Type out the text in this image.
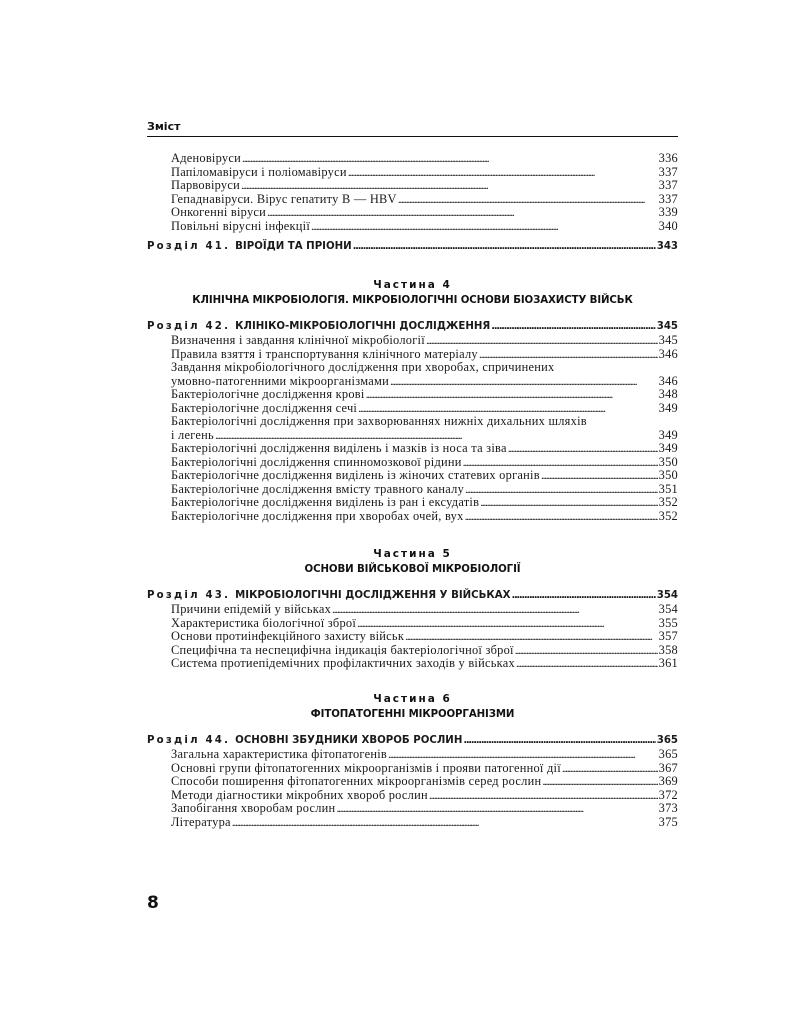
Зміст
Аденовіруси . . .	336
Папіломавіруси і поліомавіруси . . .	337
Парвовіруси . . .	337
Гепаднавіруси. Вірус гепатиту B — HBV . . .	337
Онкогенні віруси . . .	339
Повільні вірусні інфекції . . .	340
Розділ 41. ВІРОЇДИ ТА ПРІОНИ . . .	343
Частина 4
КЛІНІЧНА МІКРОБІОЛОГІЯ. МІКРОБІОЛОГІЧНІ ОСНОВИ БІОЗАХИСТУ ВІЙСЬК
Розділ 42. КЛІНІКО-МІКРОБІОЛОГІЧНІ ДОСЛІДЖЕННЯ . . .	345
Визначення і завдання клінічної мікробіології . . .	345
Правила взяття і транспортування клінічного матеріалу . . .	346
Завдання мікробіологічного дослідження при хворобах, спричинених
умовно-патогенними мікроорганізмами . . .	346
Бактеріологічне дослідження крові . . .	348
Бактеріологічне дослідження сечі . . .	349
Бактеріологічні дослідження при захворюваннях нижніх дихальних шляхів
і легень . . .	349
Бактеріологічні дослідження виділень і мазків із носа та зіва . . .	349
Бактеріологічні дослідження спинномозкової рідини . . .	350
Бактеріологічне дослідження виділень із жіночих статевих органів . . .	350
Бактеріологічне дослідження вмісту травного каналу . . .	351
Бактеріологічне дослідження виділень із ран і ексудатів . . .	352
Бактеріологічне дослідження при хворобах очей, вух . . .	352
Частина 5
ОСНОВИ ВІЙСЬКОВОЇ МІКРОБІОЛОГІЇ
Розділ 43. МІКРОБІОЛОГІЧНІ ДОСЛІДЖЕННЯ У ВІЙСЬКАХ . . .	354
Причини епідемій у військах . . .	354
Характеристика біологічної зброї . . .	355
Основи протиінфекційного захисту військ . . .	357
Специфічна та неспецифічна індикація бактеріологічної зброї . . .	358
Система протиепідемічних профілактичних заходів у військах . . .	361
Частина 6
ФІТОПАТОГЕННІ МІКРООРГАНІЗМИ
Розділ 44. ОСНОВНІ ЗБУДНИКИ ХВОРОБ РОСЛИН . . .	365
Загальна характеристика фітопатогенів . . .	365
Основні групи фітопатогенних мікроорганізмів і прояви патогенної дії . . .	367
Способи поширення фітопатогенних мікроорганізмів серед рослин . . .	369
Методи діагностики мікробних хвороб рослин . . .	372
Запобігання хворобам рослин . . .	373
Література . . .	375
8
